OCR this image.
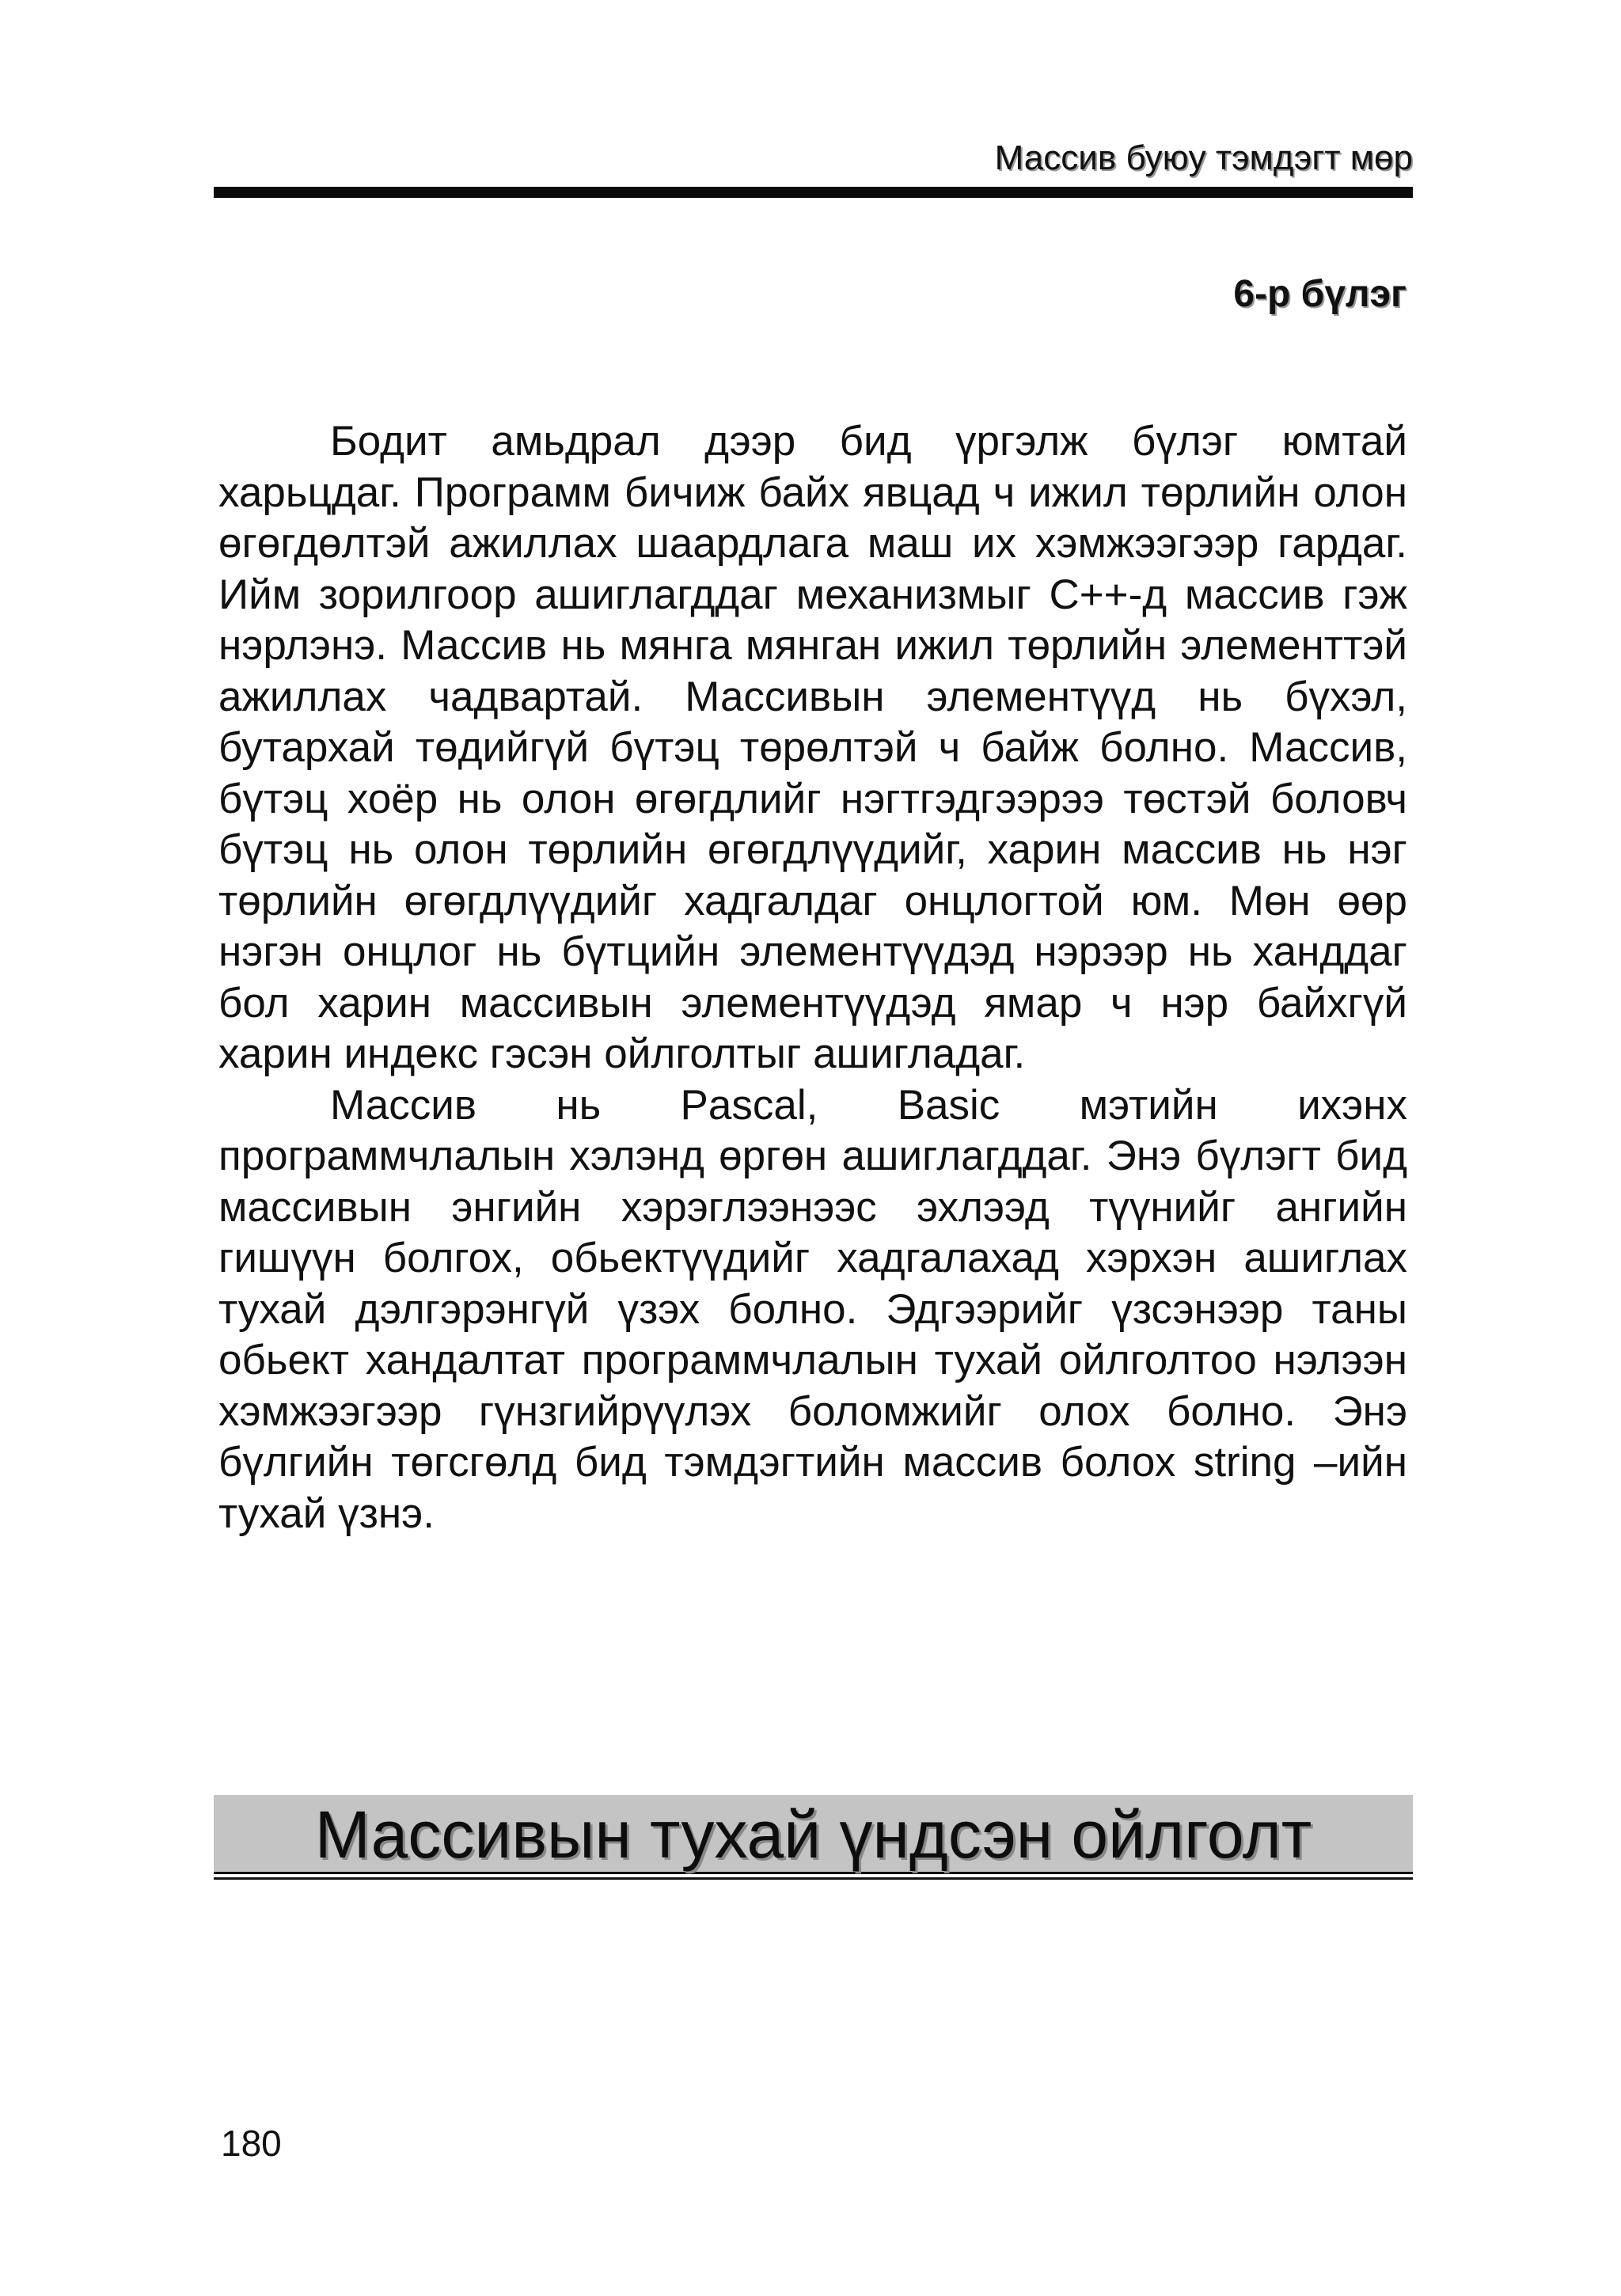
Массив буюу тэмдэгт мөр
6-р бүлэг

Бодит амьдрал дээр бид үргэлж бүлэг юмтай харьцдаг. Программ бичиж байх явцад ч ижил төрлийн олон өгөгдөлтэй ажиллах шаардлага маш их хэмжээгээр гардаг. Ийм зорилгоор ашиглагддаг механизмыг С++-д массив гэж нэрлэнэ. Массив нь мянга мянган ижил төрлийн элементтэй ажиллах чадвартай. Массивын элементүүд нь бүхэл, бутархай төдийгүй бүтэц төрөлтэй ч байж болно. Массив, бүтэц хоёр нь олон өгөгдлийг нэгтгэдгээрээ төстэй боловч бүтэц нь олон төрлийн өгөгдлүүдийг, харин массив нь нэг төрлийн өгөгдлүүдийг хадгалдаг онцлогтой юм. Мөн өөр нэгэн онцлог нь бүтцийн элементүүдэд нэрээр нь ханддаг бол харин массивын элементүүдэд ямар ч нэр байхгүй харин индекс гэсэн ойлголтыг ашигладаг.

Массив нь Pascal, Basic мэтийн ихэнх программчлалын хэлэнд өргөн ашиглагддаг. Энэ бүлэгт бид массивын энгийн хэрэглээнээс эхлээд түүнийг ангийн гишүүн болгох, обьектүүдийг хадгалахад хэрхэн ашиглах тухай дэлгэрэнгүй үзэх болно. Эдгээрийг үзсэнээр таны обьект хандалтат программчлалын тухай ойлголтоо нэлээн хэмжээгээр гүнзгийрүүлэх боломжийг олох болно. Энэ бүлгийн төгсгөлд бид тэмдэгтийн массив болох string –ийн тухай үзнэ.

Массивын тухай үндсэн ойлголт
180
